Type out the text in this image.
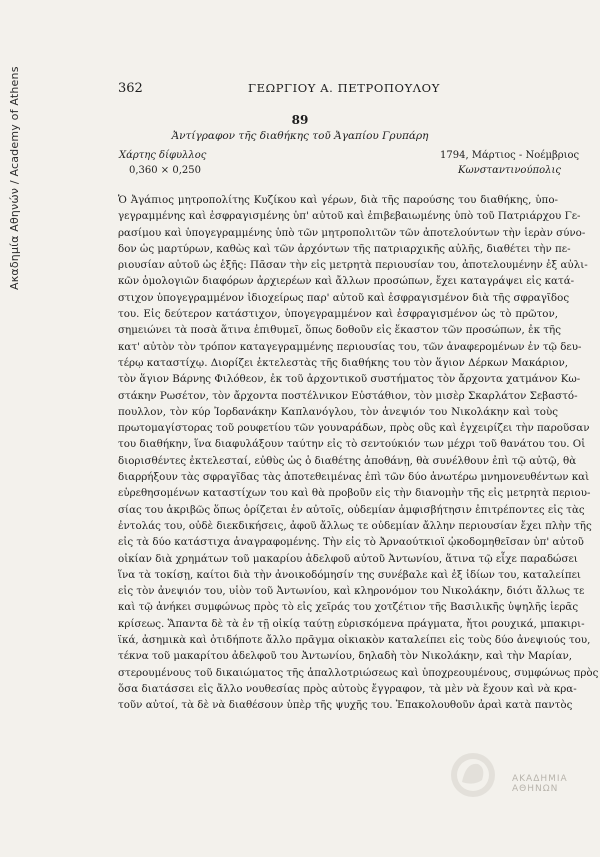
Ακαδημία Αθηνών / Academy of Athens	362	ΓΕΩΡΓΙΟΥ Α. ΠΕΤΡΟΠΟΥΛΟΥ
89
Ἀντίγραφον τῆς διαθήκης τοῦ Ἀγαπίου Γρυπάρη
Χάρτης δίφυλλος
0,360 × 0,250
1794, Μάρτιος - Νοέμβριος
Κωνσταντινούπολις
Ὁ Ἀγάπιος μητροπολίτης Κυζίκου καὶ γέρων, διὰ τῆς παρούσης του διαθήκης, ὑπο-
γεγραμμένης καὶ ἐσφραγισμένης ὑπ' αὐτοῦ καὶ ἐπιβεβαιωμένης ὑπὸ τοῦ Πατριάρχου Γε-
ρασίμου καὶ ὑπογεγραμμένης ὑπὸ τῶν μητροπολιτῶν τῶν ἀποτελούντων τὴν ἱερὰν σύνο-
δον ὡς μαρτύρων, καθὼς καὶ τῶν ἀρχόντων τῆς πατριαρχικῆς αὐλῆς, διαθέτει τὴν πε-
ριουσίαν αὐτοῦ ὡς ἑξῆς: Πᾶσαν τὴν εἰς μετρητὰ περιουσίαν του, ἀποτελουμένην ἐξ αὐλι-
κῶν ὁμολογιῶν διαφόρων ἀρχιερέων καὶ ἄλλων προσώπων, ἔχει καταγράψει εἰς κατά-
στιχον ὑπογεγραμμένον ἰδιοχείρως παρ' αὐτοῦ καὶ ἐσφραγισμένον διὰ τῆς σφραγῖδος
του. Εἰς δεύτερον κατάστιχον, ὑπογεγραμμένον καὶ ἐσφραγισμένον ὡς τὸ πρῶτον,
σημειώνει τὰ ποσὰ ἅτινα ἐπιθυμεῖ, ὅπως δοθοῦν εἰς ἕκαστον τῶν προσώπων, ἐκ τῆς
κατ' αὐτὸν τὸν τρόπον καταγεγραμμένης περιουσίας του, τῶν ἀναφερομένων ἐν τῷ δευ-
τέρῳ καταστίχῳ. Διορίζει ἐκτελεστὰς τῆς διαθήκης του τὸν ἅγιον Δέρκων Μακάριον,
τὸν ἅγιον Βάρνης Φιλόθεον, ἐκ τοῦ ἀρχοντικοῦ συστήματος τὸν ἄρχοντα χατμάνον Κω-
στάκην Ρωσέτον, τὸν ἄρχοντα ποστέλνικον Εὐστάθιον, τὸν μισὲρ Σκαρλάτον Σεβαστό-
πουλλον, τὸν κύρ Ἰορδανάκην Καπλανόγλου, τὸν ἀνεψιόν του Νικολάκην καὶ τοὺς
πρωτομαγίστορας τοῦ ρουφετίου τῶν γουναράδων, πρὸς οὓς καὶ ἐγχειρίζει τὴν παροῦσαν
του διαθήκην, ἵνα διαφυλάξουν ταύτην εἰς τὸ σεντούκιόν των μέχρι τοῦ θανάτου του. Οἱ
διορισθέντες ἐκτελεσταί, εὐθὺς ὡς ὁ διαθέτης ἀποθάνῃ, θὰ συνέλθουν ἐπὶ τῷ αὐτῷ, θὰ
διαρρήξουν τὰς σφραγῖδας τὰς ἀποτεθειμένας ἐπὶ τῶν δύο ἀνωτέρω μνημονευθέντων καὶ
εὑρεθησομένων καταστίχων του καὶ θὰ προβοῦν εἰς τὴν διανομὴν τῆς εἰς μετρητὰ περιου-
σίας του ἀκριβῶς ὅπως ὁρίζεται ἐν αὐτοῖς, οὐδεμίαν ἀμφισβήτησιν ἐπιτρέποντες εἰς τὰς
ἐντολάς του, οὐδὲ διεκδικήσεις, ἀφοῦ ἄλλως τε οὐδεμίαν ἄλλην περιουσίαν ἔχει πλὴν τῆς
εἰς τὰ δύο κατάστιχα ἀναγραφομένης. Τὴν εἰς τὸ Ἀρναούτκιοϊ ᾠκοδομηθεῖσαν ὑπ' αὐτοῦ
οἰκίαν διὰ χρημάτων τοῦ μακαρίου ἀδελφοῦ αὐτοῦ Ἀντωνίου, ἅτινα τῷ εἶχε παραδώσει
ἵνα τὰ τοκίσῃ, καίτοι διὰ τὴν ἀνοικοδόμησίν της συνέβαλε καὶ ἐξ ἰδίων του, καταλείπει
εἰς τὸν ἀνεψιόν του, υἱὸν τοῦ Ἀντωνίου, καὶ κληρονόμον του Νικολάκην, διότι ἄλλως τε
καὶ τῷ ἀνήκει συμφώνως πρὸς τὸ εἰς χεῖράς του χοτζέτιον τῆς Βασιλικῆς ὑψηλῆς ἱερᾶς
κρίσεως. Ἅπαντα δὲ τὰ ἐν τῇ οἰκίᾳ ταύτῃ εὑρισκόμενα πράγματα, ἤτοι ρουχικά, μπακιρι-
ϊκά, ἀσημικὰ καὶ ὁτιδήποτε ἄλλο πρᾶγμα οἰκιακὸν καταλείπει εἰς τοὺς δύο ἀνεψιούς του,
τέκνα τοῦ μακαρίτου ἀδελφοῦ του Ἀντωνίου, δηλαδὴ τὸν Νικολάκην, καὶ τὴν Μαρίαν,
στερουμένους τοῦ δικαιώματος τῆς ἀπαλλοτριώσεως καὶ ὑποχρεουμένους, συμφώνως πρὸς
ὅσα διατάσσει εἰς ἄλλο νουθεσίας πρὸς αὐτοὺς ἔγγραφον, τὰ μὲν νὰ ἔχουν καὶ νὰ κρα-
τοῦν αὐτοί, τὰ δὲ νὰ διαθέσουν ὑπὲρ τῆς ψυχῆς του. Ἐπακολουθοῦν ἀραὶ κατὰ παντὸς
ΑΚΑΔΗΜΙΑ ΑΘΗΝΩΝ
